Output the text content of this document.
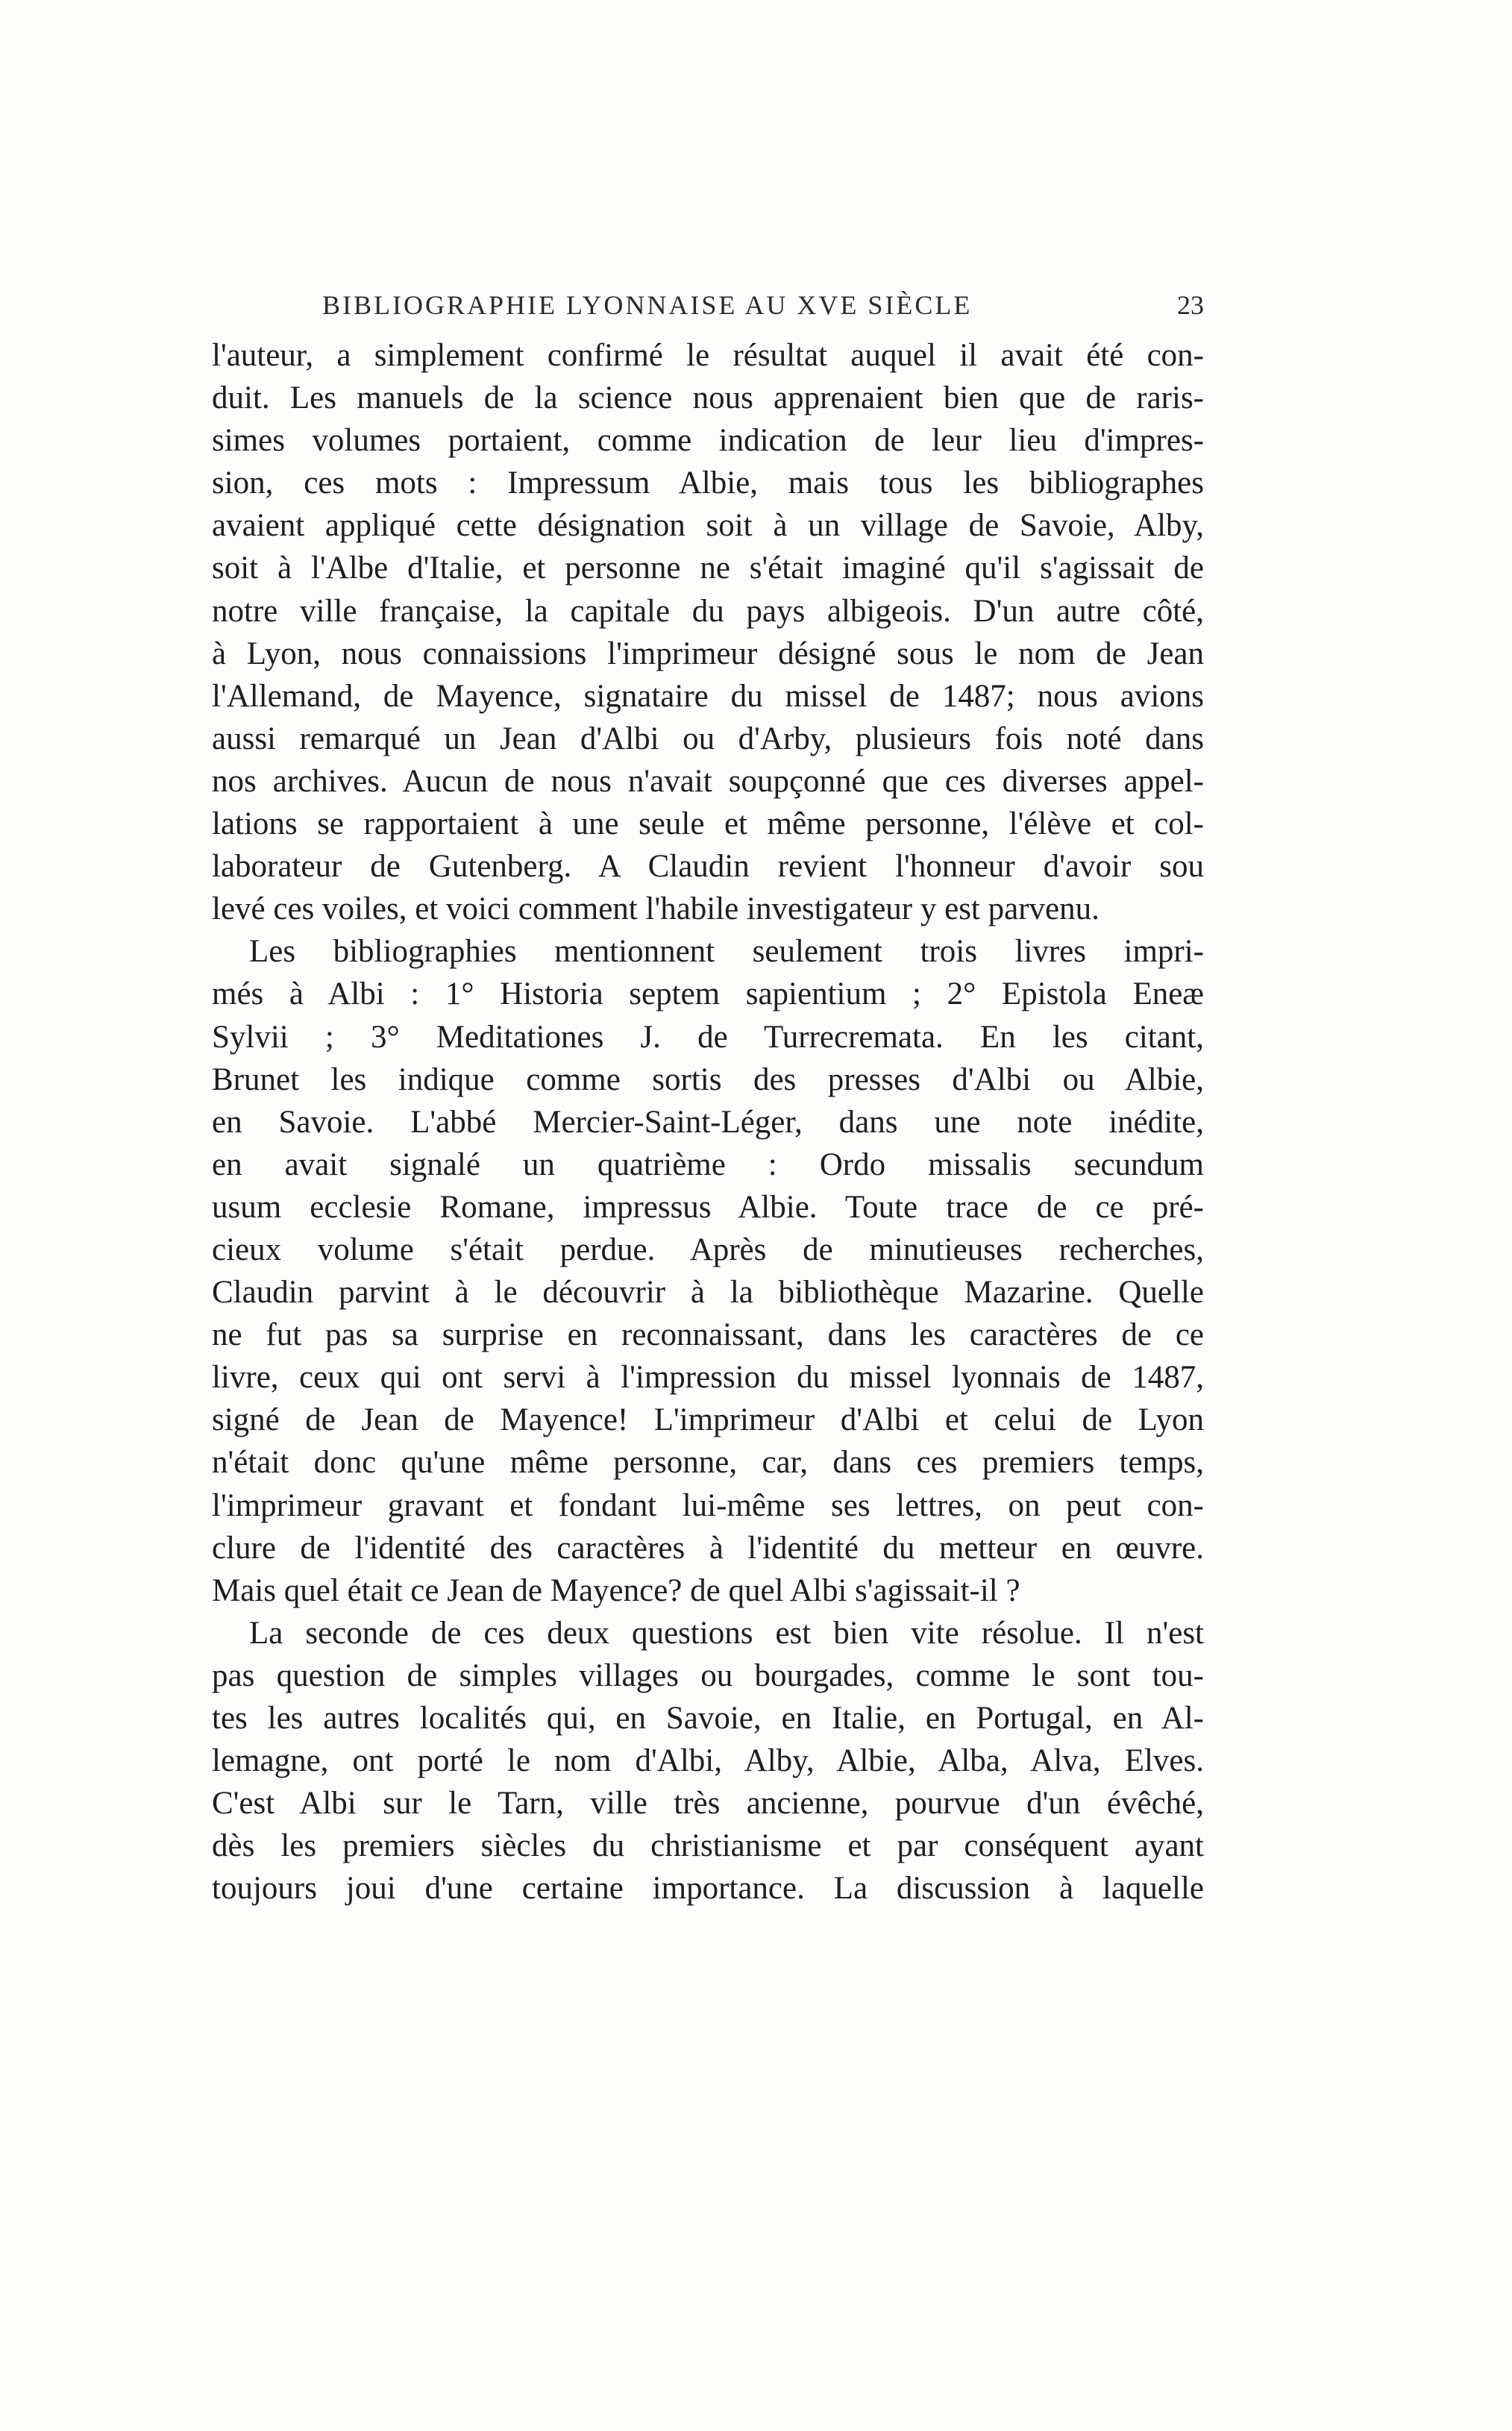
BIBLIOGRAPHIE LYONNAISE AU XVE SIÈCLE	23
l'auteur, a simplement confirmé le résultat auquel il avait été con-
duit. Les manuels de la science nous apprenaient bien que de raris-
simes volumes portaient, comme indication de leur lieu d'impres-
sion, ces mots : Impressum Albie, mais tous les bibliographes
avaient appliqué cette désignation soit à un village de Savoie, Alby,
soit à l'Albe d'Italie, et personne ne s'était imaginé qu'il s'agissait de
notre ville française, la capitale du pays albigeois. D'un autre côté,
à Lyon, nous connaissions l'imprimeur désigné sous le nom de Jean
l'Allemand, de Mayence, signataire du missel de 1487; nous avions
aussi remarqué un Jean d'Albi ou d'Arby, plusieurs fois noté dans
nos archives. Aucun de nous n'avait soupçonné que ces diverses appel-
lations se rapportaient à une seule et même personne, l'élève et col-
laborateur de Gutenberg. A Claudin revient l'honneur d'avoir sou
levé ces voiles, et voici comment l'habile investigateur y est parvenu.
Les bibliographies mentionnent seulement trois livres impri-
més à Albi : 1° Historia septem sapientium ; 2° Epistola Eneæ
Sylvii ; 3° Meditationes J. de Turrecremata. En les citant,
Brunet les indique comme sortis des presses d'Albi ou Albie,
en Savoie. L'abbé Mercier-Saint-Léger, dans une note inédite,
en avait signalé un quatrième : Ordo missalis secundum
usum ecclesie Romane, impressus Albie. Toute trace de ce pré-
cieux volume s'était perdue. Après de minutieuses recherches,
Claudin parvint à le découvrir à la bibliothèque Mazarine. Quelle
ne fut pas sa surprise en reconnaissant, dans les caractères de ce
livre, ceux qui ont servi à l'impression du missel lyonnais de 1487,
signé de Jean de Mayence! L'imprimeur d'Albi et celui de Lyon
n'était donc qu'une même personne, car, dans ces premiers temps,
l'imprimeur gravant et fondant lui-même ses lettres, on peut con-
clure de l'identité des caractères à l'identité du metteur en œuvre.
Mais quel était ce Jean de Mayence? de quel Albi s'agissait-il ?
La seconde de ces deux questions est bien vite résolue. Il n'est
pas question de simples villages ou bourgades, comme le sont tou-
tes les autres localités qui, en Savoie, en Italie, en Portugal, en Al-
lemagne, ont porté le nom d'Albi, Alby, Albie, Alba, Alva, Elves.
C'est Albi sur le Tarn, ville très ancienne, pourvue d'un évêché,
dès les premiers siècles du christianisme et par conséquent ayant
toujours joui d'une certaine importance. La discussion à laquelle
